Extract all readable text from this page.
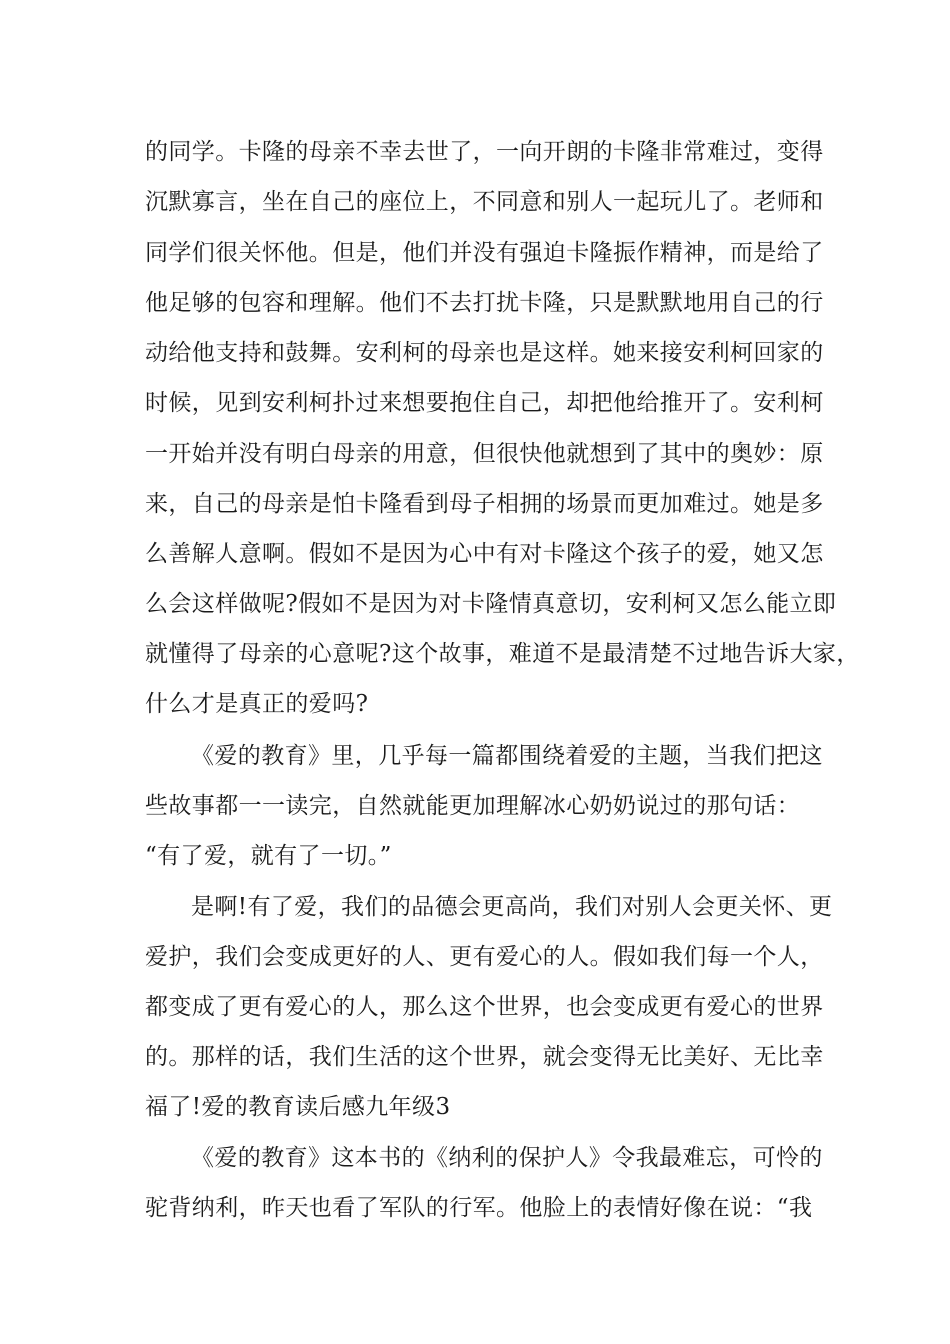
的同学。卡隆的母亲不幸去世了，一向开朗的卡隆非常难过，变得
沉默寡言，坐在自己的座位上，不同意和别人一起玩儿了。老师和
同学们很关怀他。但是，他们并没有强迫卡隆振作精神，而是给了
他足够的包容和理解。他们不去打扰卡隆，只是默默地用自己的行
动给他支持和鼓舞。安利柯的母亲也是这样。她来接安利柯回家的
时候，见到安利柯扑过来想要抱住自己，却把他给推开了。安利柯
一开始并没有明白母亲的用意，但很快他就想到了其中的奥妙：原
来，自己的母亲是怕卡隆看到母子相拥的场景而更加难过。她是多
么善解人意啊。假如不是因为心中有对卡隆这个孩子的爱，她又怎
么会这样做呢?假如不是因为对卡隆情真意切，安利柯又怎么能立即
就懂得了母亲的心意呢?这个故事，难道不是最清楚不过地告诉大家，
什么才是真正的爱吗?
《爱的教育》里，几乎每一篇都围绕着爱的主题，当我们把这
些故事都一一读完，自然就能更加理解冰心奶奶说过的那句话：
“有了爱，就有了一切。”
是啊!有了爱，我们的品德会更高尚，我们对别人会更关怀、更
爱护，我们会变成更好的人、更有爱心的人。假如我们每一个人，
都变成了更有爱心的人，那么这个世界，也会变成更有爱心的世界
的。那样的话，我们生活的这个世界，就会变得无比美好、无比幸
福了!爱的教育读后感九年级3
《爱的教育》这本书的《纳利的保护人》令我最难忘，可怜的
驼背纳利，昨天也看了军队的行军。他脸上的表情好像在说：“我
